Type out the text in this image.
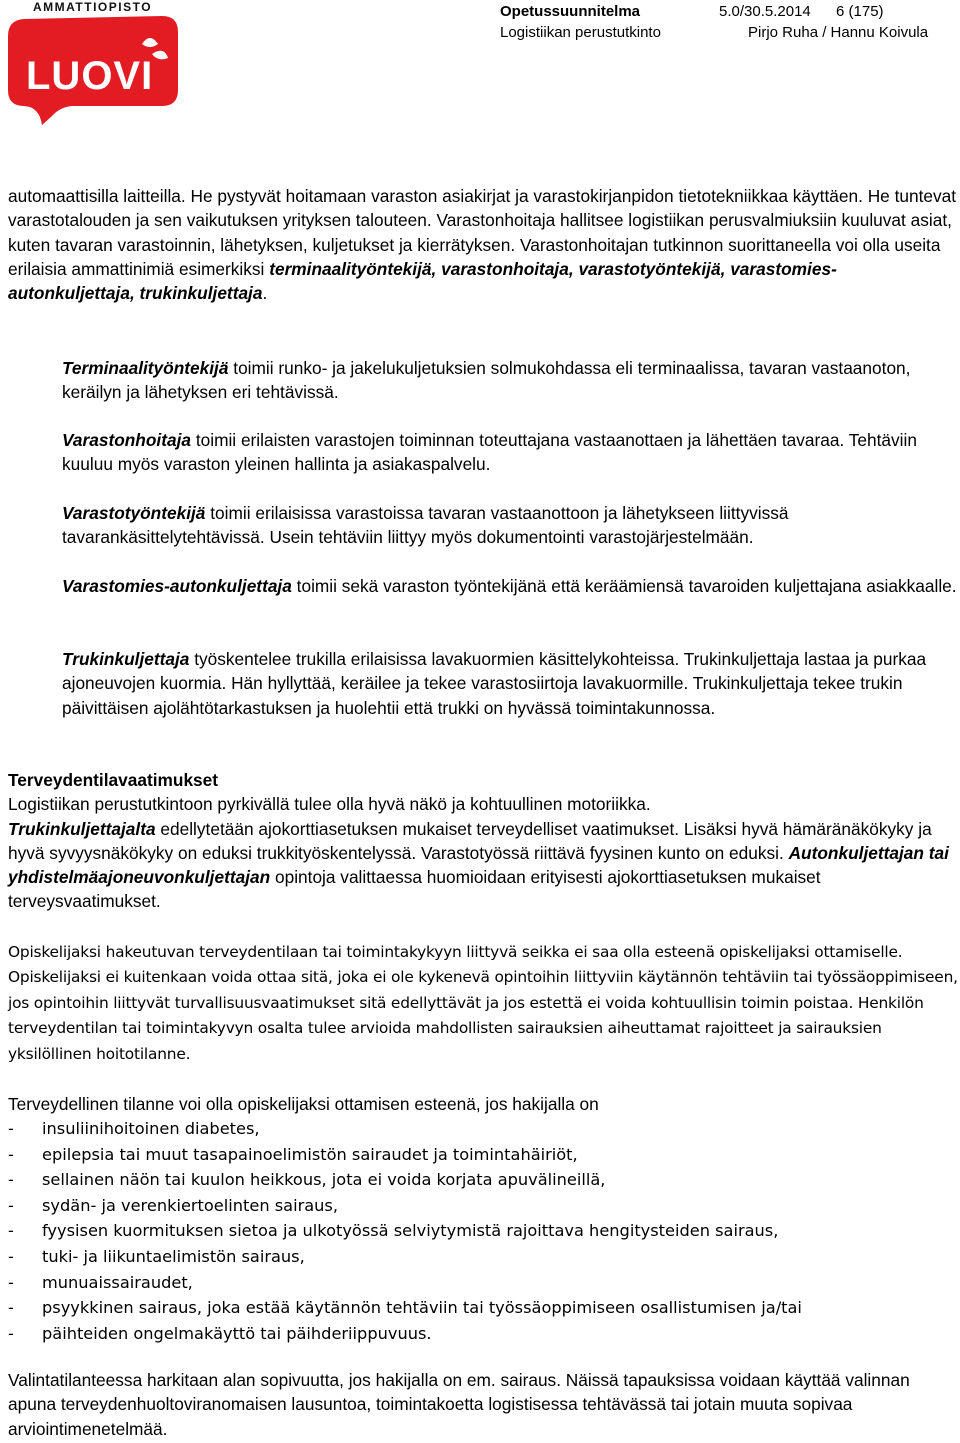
AMMATTIOPISTO
LUOVI
Opetussuunnitelma	5.0/30.5.2014 6 (175)
Logistiikan perustutkinto	Pirjo Ruha / Hannu Koivula

automaattisilla laitteilla. He pystyvät hoitamaan varaston asiakirjat ja varastokirjanpidon tietotekniikkaa käyttäen. He tuntevat varastotalouden ja sen vaikutuksen yrityksen talouteen. Varastonhoitaja hallitsee logistiikan perusvalmiuksiin kuuluvat asiat, kuten tavaran varastoinnin, lähetyksen, kuljetukset ja kierrätyksen. Varastonhoitajan tutkinnon suorittaneella voi olla useita erilaisia ammattinimiä esimerkiksi terminaalityöntekijä, varastonhoitaja, varastotyöntekijä, varastomies-autonkuljettaja, trukinkuljettaja.

Terminaalityöntekijä toimii runko- ja jakelukuljetuksien solmukohdassa eli terminaalissa, tavaran vastaanoton, keräilyn ja lähetyksen eri tehtävissä.

Varastonhoitaja toimii erilaisten varastojen toiminnan toteuttajana vastaanottaen ja lähettäen tavaraa. Tehtäviin kuuluu myös varaston yleinen hallinta ja asiakaspalvelu.

Varastotyöntekijä toimii erilaisissa varastoissa tavaran vastaanottoon ja lähetykseen liittyvissä tavarankäsittelytehtävissä. Usein tehtäviin liittyy myös dokumentointi varastojärjestelmään.

Varastomies-autonkuljettaja toimii sekä varaston työntekijänä että keräämiensä tavaroiden kuljettajana asiakkaalle.

Trukinkuljettaja työskentelee trukilla erilaisissa lavakuormien käsittelykohteissa. Trukinkuljettaja lastaa ja purkaa ajoneuvojen kuormia. Hän hyllyttää, keräilee ja tekee varastosiirtoja lavakuormille. Trukinkuljettaja tekee trukin päivittäisen ajolähtötarkastuksen ja huolehtii että trukki on hyvässä toimintakunnossa.

Terveydentilavaatimukset

Logistiikan perustutkintoon pyrkivällä tulee olla hyvä näkö ja kohtuullinen motoriikka.

Trukinkuljettajalta edellytetään ajokorttiasetuksen mukaiset terveydelliset vaatimukset. Lisäksi hyvä hämäränäkökyky ja hyvä syvyysnäkökyky on eduksi trukkityöskentelyssä. Varastotyössä riittävä fyysinen kunto on eduksi. Autonkuljettajan tai yhdistelmäajoneuvonkuljettajan opintoja valittaessa huomioidaan erityisesti ajokorttiasetuksen mukaiset terveysvaatimukset.

Opiskelijaksi hakeutuvan terveydentilaan tai toimintakykyyn liittyvä seikka ei saa olla esteenä opiskelijaksi ottamiselle. Opiskelijaksi ei kuitenkaan voida ottaa sitä, joka ei ole kykenevä opintoihin liittyviin käytännön tehtäviin tai työssäoppimiseen, jos opintoihin liittyvät turvallisuusvaatimukset sitä edellyttävät ja jos estettä ei voida kohtuullisin toimin poistaa. Henkilön terveydentilan tai toimintakyvyn osalta tulee arvioida mahdollisten sairauksien aiheuttamat rajoitteet ja sairauksien yksilöllinen hoitotilanne.
Terveydellinen tilanne voi olla opiskelijaksi ottamisen esteenä, jos hakijalla on
- insuliinihoitoinen diabetes,
- epilepsia tai muut tasapainoelimistön sairaudet ja toimintahäiriöt,
- sellainen näön tai kuulon heikkous, jota ei voida korjata apuvälineillä,
- sydän- ja verenkiertoelinten sairaus,
- fyysisen kuormituksen sietoa ja ulkotyössä selviytymistä rajoittava hengitysteiden sairaus,
- tuki- ja liikuntaelimistön sairaus,
- munuaissairaudet,
- psyykkinen sairaus, joka estää käytännön tehtäviin tai työssäoppimiseen osallistumisen ja/tai
- päihteiden ongelmakäyttö tai päihderiippuvuus.
Valintatilanteessa harkitaan alan sopivuutta, jos hakijalla on em. sairaus. Näissä tapauksissa voidaan käyttää valinnan apuna terveydenhuoltoviranomaisen lausuntoa, toimintakoetta logistisessa tehtävässä tai jotain muuta sopivaa arviointimenetelmää.
